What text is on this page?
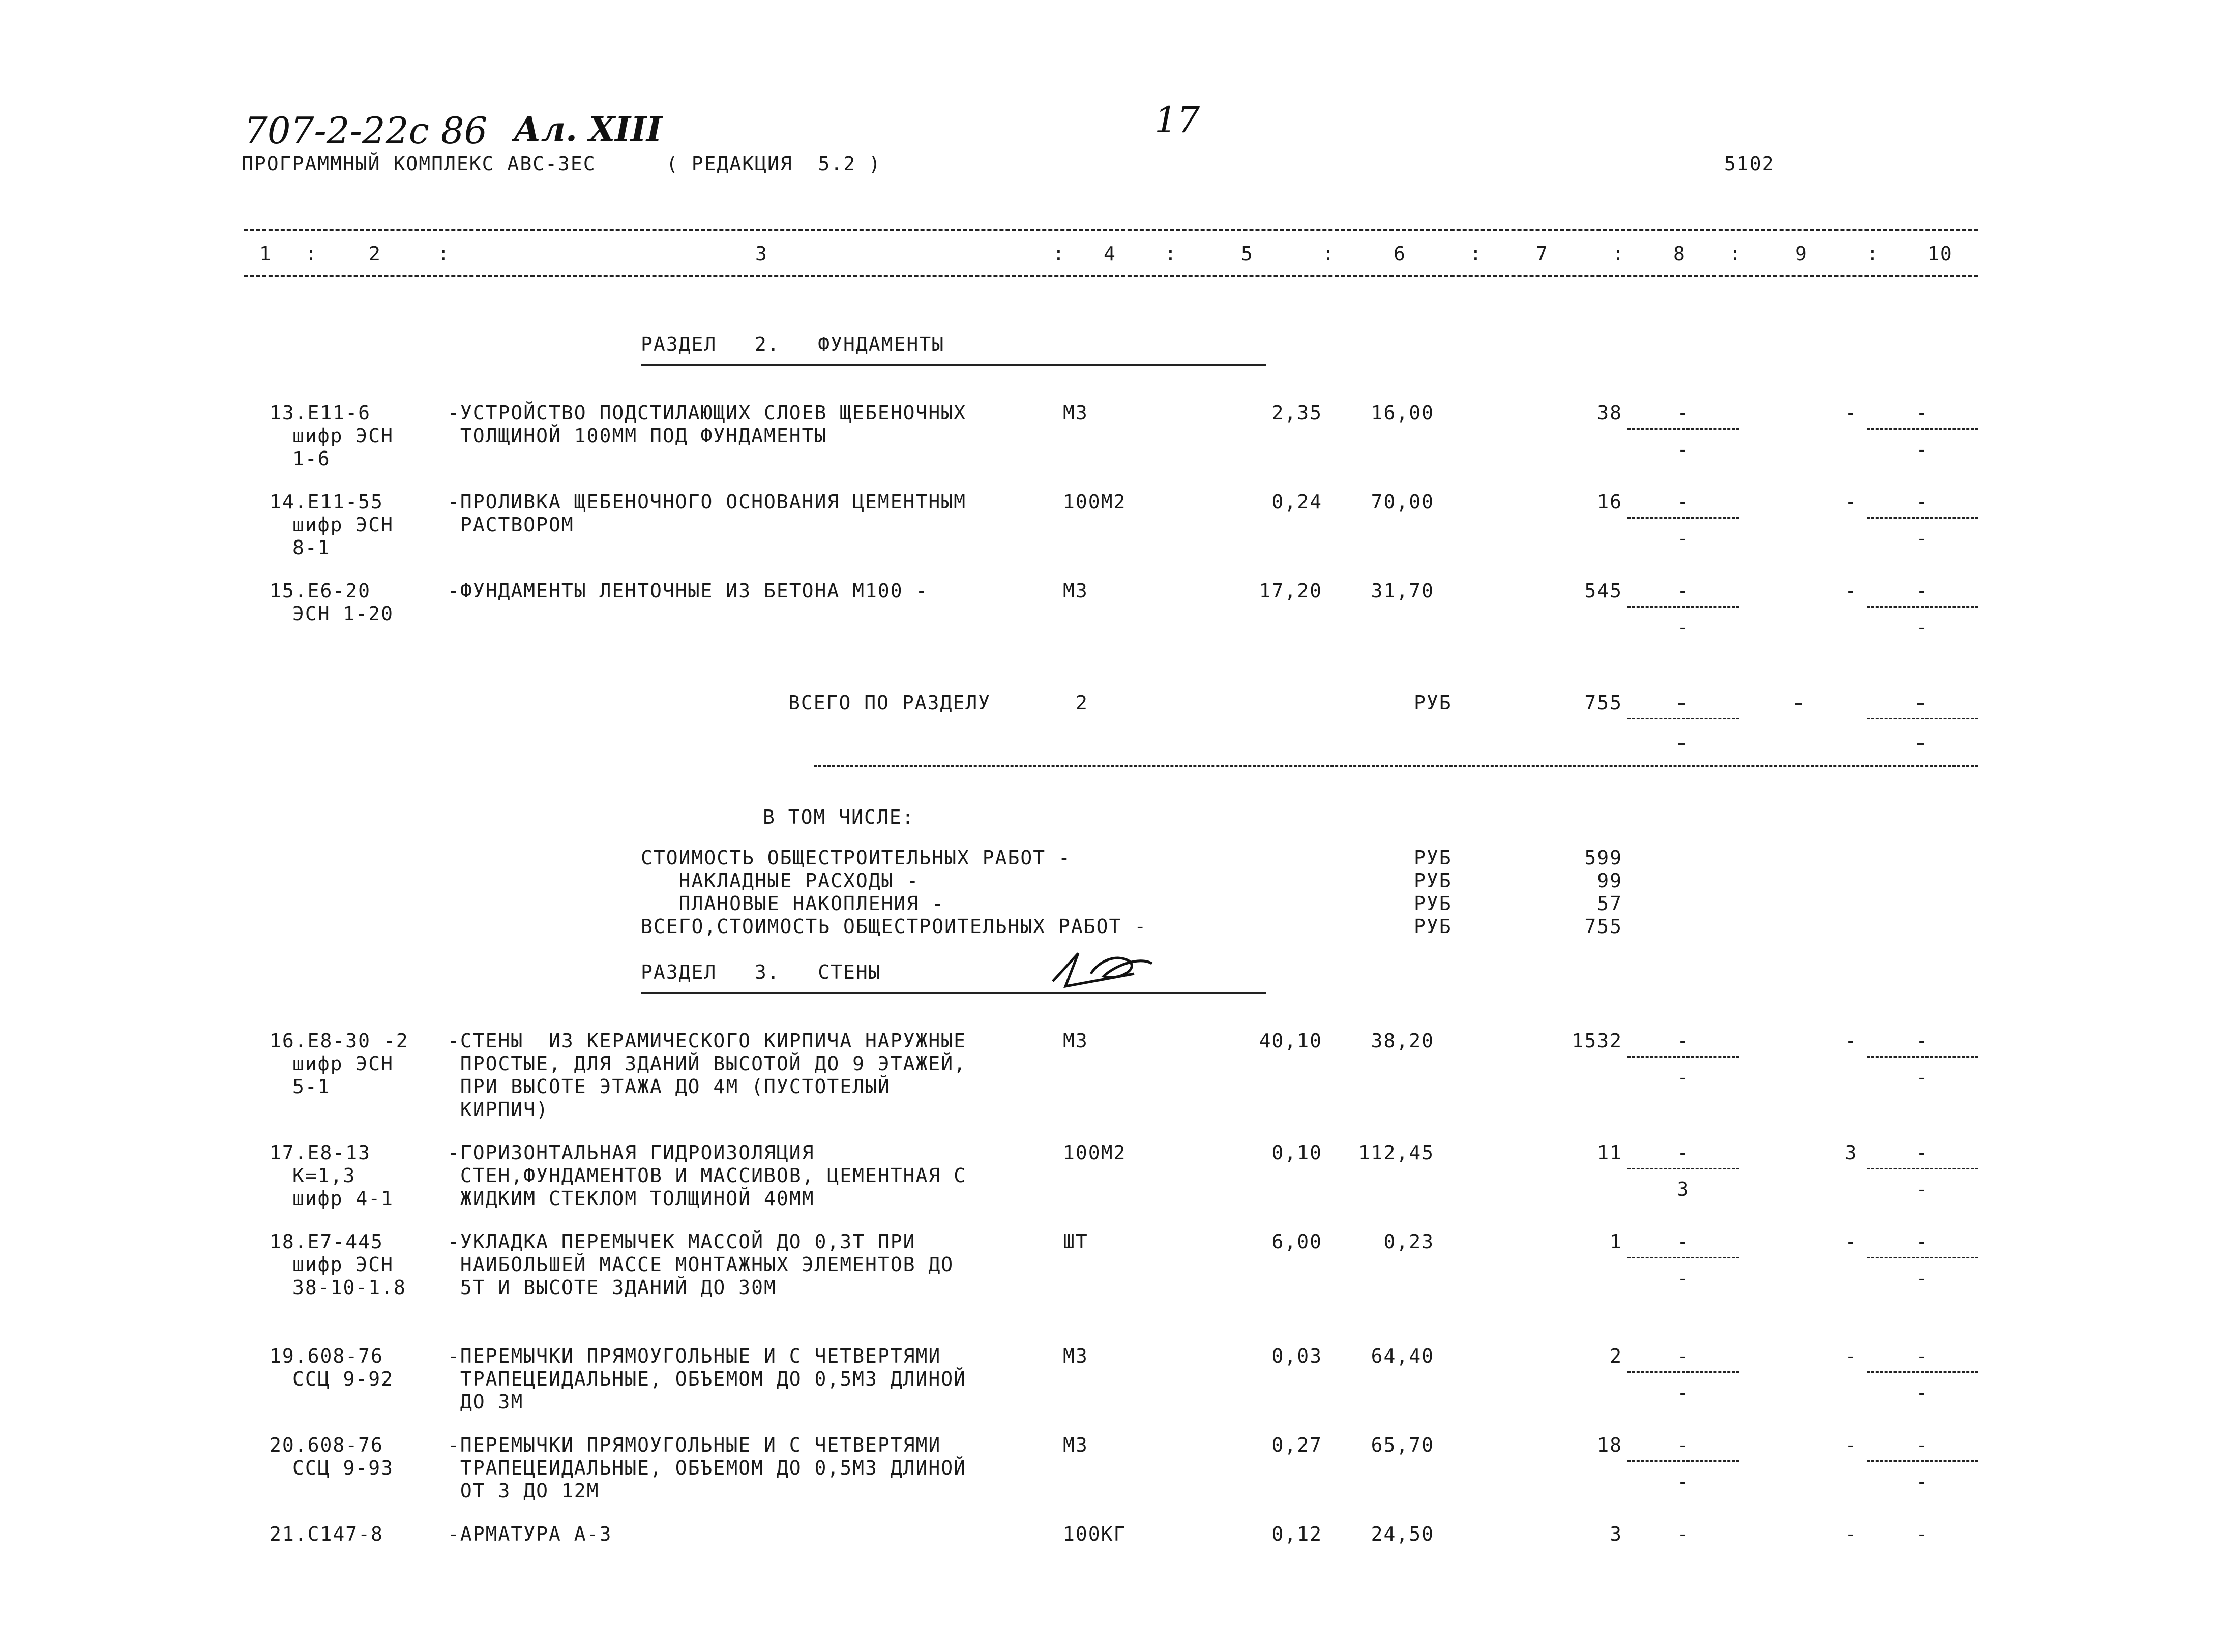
707-2-22с 86 Ал. XIII	17
ПРОГРАММНЫЙ КОМПЛЕКС АВС-3ЕС	( РЕДАКЦИЯ  5.2 )	5102
1 :	2	:	3	: 4	:	5	:	6	:	7	:	8 :	9	:	10
РАЗДЕЛ   2.   ФУНДАМЕНТЫ
13.Е11-6
шифр ЭСН
1-6
-УСТРОЙСТВО ПОДСТИЛАЮЩИХ СЛОЕВ ЩЕБЕНОЧНЫХ
ТОЛЩИНОЙ 100ММ ПОД ФУНДАМЕНТЫ
М3	2,35	16,00	38	-	-	-
-	-
14.Е11-55
шифр ЭСН
8-1
-ПРОЛИВКА ЩЕБЕНОЧНОГО ОСНОВАНИЯ ЦЕМЕНТНЫМ
РАСТВОРОМ
100М2	0,24	70,00	16	-	-	-
-	-
15.Е6-20
ЭСН 1-20
-ФУНДАМЕНТЫ ЛЕНТОЧНЫЕ ИЗ БЕТОНА М100 -	М3	17,20	31,70	545	-	-	-
-	-
ВСЕГО ПО РАЗДЕЛУ	2	РУБ	755
В ТОМ ЧИСЛЕ:
СТОИМОСТЬ ОБЩЕСТРОИТЕЛЬНЫХ РАБОТ -	РУБ	599
НАКЛАДНЫЕ РАСХОДЫ -	РУБ	99
ПЛАНОВЫЕ НАКОПЛЕНИЯ -	РУБ	57
ВСЕГО,СТОИМОСТЬ ОБЩЕСТРОИТЕЛЬНЫХ РАБОТ -	РУБ	755
РАЗДЕЛ   3.   СТЕНЫ
16.Е8-30 -2
шифр ЭСН
5-1
-СТЕНЫ  ИЗ КЕРАМИЧЕСКОГО КИРПИЧА НАРУЖНЫЕ
ПРОСТЫЕ, ДЛЯ ЗДАНИЙ ВЫСОТОЙ ДО 9 ЭТАЖЕЙ,
ПРИ ВЫСОТЕ ЭТАЖА ДО 4М (ПУСТОТЕЛЫЙ
КИРПИЧ)
М3	40,10	38,20	1532	-	-	-
-	-
17.Е8-13
К=1,3
шифр 4-1
-ГОРИЗОНТАЛЬНАЯ ГИДРОИЗОЛЯЦИЯ
СТЕН,ФУНДАМЕНТОВ И МАССИВОВ, ЦЕМЕНТНАЯ С
ЖИДКИМ СТЕКЛОМ ТОЛЩИНОЙ 40ММ
100М2	0,10	112,45	11	-	3	-
3	-
18.Е7-445
шифр ЭСН
38-10-1.8
-УКЛАДКА ПЕРЕМЫЧЕК МАССОЙ ДО 0,3Т ПРИ
НАИБОЛЬШЕЙ МАССЕ МОНТАЖНЫХ ЭЛЕМЕНТОВ ДО
5Т И ВЫСОТЕ ЗДАНИЙ ДО 30М
ШТ	6,00	0,23	1	-	-	-
-	-
19.608-76
ССЦ 9-92
-ПЕРЕМЫЧКИ ПРЯМОУГОЛЬНЫЕ И С ЧЕТВЕРТЯМИ
ТРАПЕЦЕИДАЛЬНЫЕ, ОБЪЕМОМ ДО 0,5М3 ДЛИНОЙ
ДО 3М
М3	0,03	64,40	2	-	-	-
-	-
20.608-76
ССЦ 9-93
-ПЕРЕМЫЧКИ ПРЯМОУГОЛЬНЫЕ И С ЧЕТВЕРТЯМИ
ТРАПЕЦЕИДАЛЬНЫЕ, ОБЪЕМОМ ДО 0,5М3 ДЛИНОЙ
ОТ 3 ДО 12М
М3	0,27	65,70	18	-	-	-
-	-
21.С147-8	-АРМАТУРА А-3	100КГ	0,12	24,50	3	-	-	-
